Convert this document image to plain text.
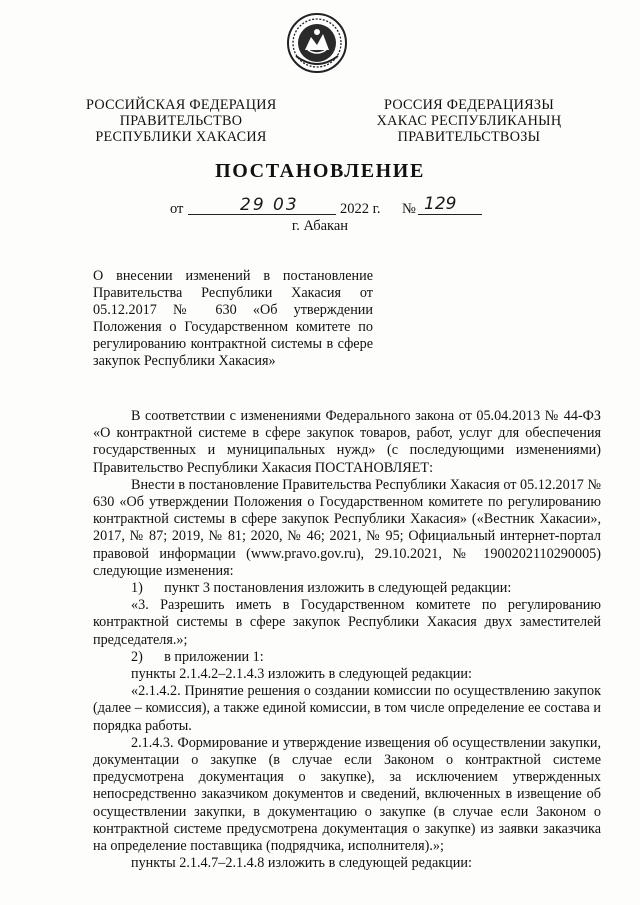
РОССИЙСКАЯ ФЕДЕРАЦИЯ
ПРАВИТЕЛЬСТВО
РЕСПУБЛИКИ ХАКАСИЯ
РОССИЯ ФЕДЕРАЦИЯЗЫ
ХАКАС РЕСПУБЛИКАНЫҢ
ПРАВИТЕЛЬСТВОЗЫ
ПОСТАНОВЛЕНИЕ
от	29 03	2022 г. № 129
г. Абакан
О внесении изменений в постановление Правительства Республики Хакасия от 05.12.2017 № 630 «Об утверждении Положения о Государственном комитете по регулированию контрактной системы в сфере закупок Республики Хакасия»

В соответствии с изменениями Федерального закона от 05.04.2013 № 44-ФЗ «О контрактной системе в сфере закупок товаров, работ, услуг для обеспечения государственных и муниципальных нужд» (с последующими изменениями) Правительство Республики Хакасия ПОСТАНОВЛЯЕТ:

Внести в постановление Правительства Республики Хакасия от 05.12.2017 № 630 «Об утверждении Положения о Государственном комитете по регулированию контрактной системы в сфере закупок Республики Хакасия» («Вестник Хакасии», 2017, № 87; 2019, № 81; 2020, № 46; 2021, № 95; Официальный интернет-портал правовой информации (www.pravo.gov.ru), 29.10.2021, № 1900202110290005) следующие изменения:

1)      пункт 3 постановления изложить в следующей редакции:

«3. Разрешить иметь в Государственном комитете по регулированию контрактной системы в сфере закупок Республики Хакасия двух заместителей председателя.»;

2)      в приложении 1:

пункты 2.1.4.2–2.1.4.3 изложить в следующей редакции:

«2.1.4.2. Принятие решения о создании комиссии по осуществлению закупок (далее – комиссия), а также единой комиссии, в том числе определение ее состава и порядка работы.

2.1.4.3. Формирование и утверждение извещения об осуществлении закупки, документации о закупке (в случае если Законом о контрактной системе предусмотрена документация о закупке), за исключением утвержденных непосредственно заказчиком документов и сведений, включенных в извещение об осуществлении закупки, в документацию о закупке (в случае если Законом о контрактной системе предусмотрена документация о закупке) из заявки заказчика на определение поставщика (подрядчика, исполнителя).»;

пункты 2.1.4.7–2.1.4.8 изложить в следующей редакции:
